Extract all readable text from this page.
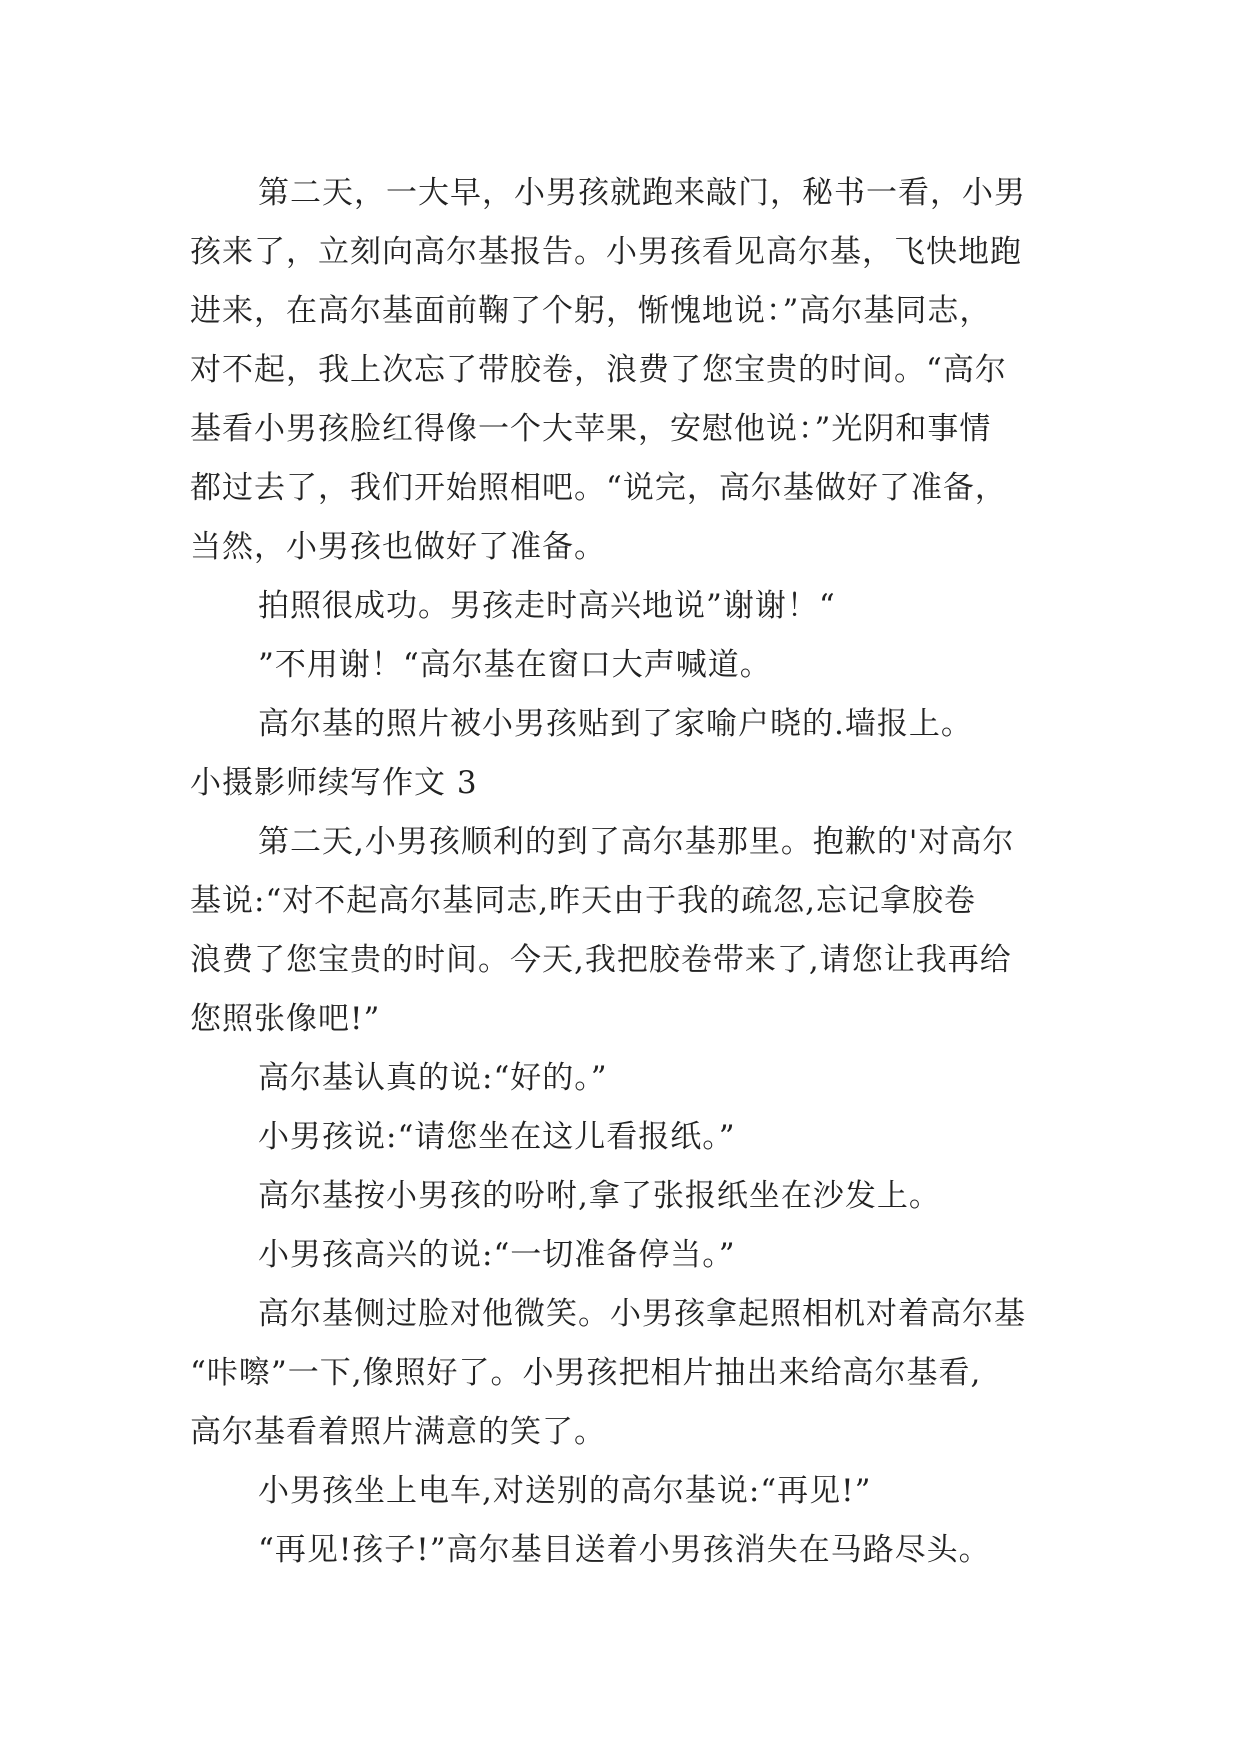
第二天，一大早，小男孩就跑来敲门，秘书一看，小男
孩来了，立刻向高尔基报告。小男孩看见高尔基，飞快地跑
进来，在高尔基面前鞠了个躬，惭愧地说：”高尔基同志，
对不起，我上次忘了带胶卷，浪费了您宝贵的时间。“高尔
基看小男孩脸红得像一个大苹果，安慰他说：”光阴和事情
都过去了，我们开始照相吧。“说完，高尔基做好了准备，
当然，小男孩也做好了准备。
拍照很成功。男孩走时高兴地说”谢谢！“
”不用谢！“高尔基在窗口大声喊道。
高尔基的照片被小男孩贴到了家喻户晓的.墙报上。
小摄影师续写作文 3
第二天,小男孩顺利的到了高尔基那里。抱歉的'对高尔
基说:“对不起高尔基同志,昨天由于我的疏忽,忘记拿胶卷
浪费了您宝贵的时间。今天,我把胶卷带来了,请您让我再给
您照张像吧!”
高尔基认真的说:“好的。”
小男孩说:“请您坐在这儿看报纸。”
高尔基按小男孩的吩咐,拿了张报纸坐在沙发上。
小男孩高兴的说:“一切准备停当。”
高尔基侧过脸对他微笑。小男孩拿起照相机对着高尔基
“咔嚓”一下,像照好了。小男孩把相片抽出来给高尔基看,
高尔基看着照片满意的笑了。
小男孩坐上电车,对送别的高尔基说:“再见!”
“再见!孩子!”高尔基目送着小男孩消失在马路尽头。
